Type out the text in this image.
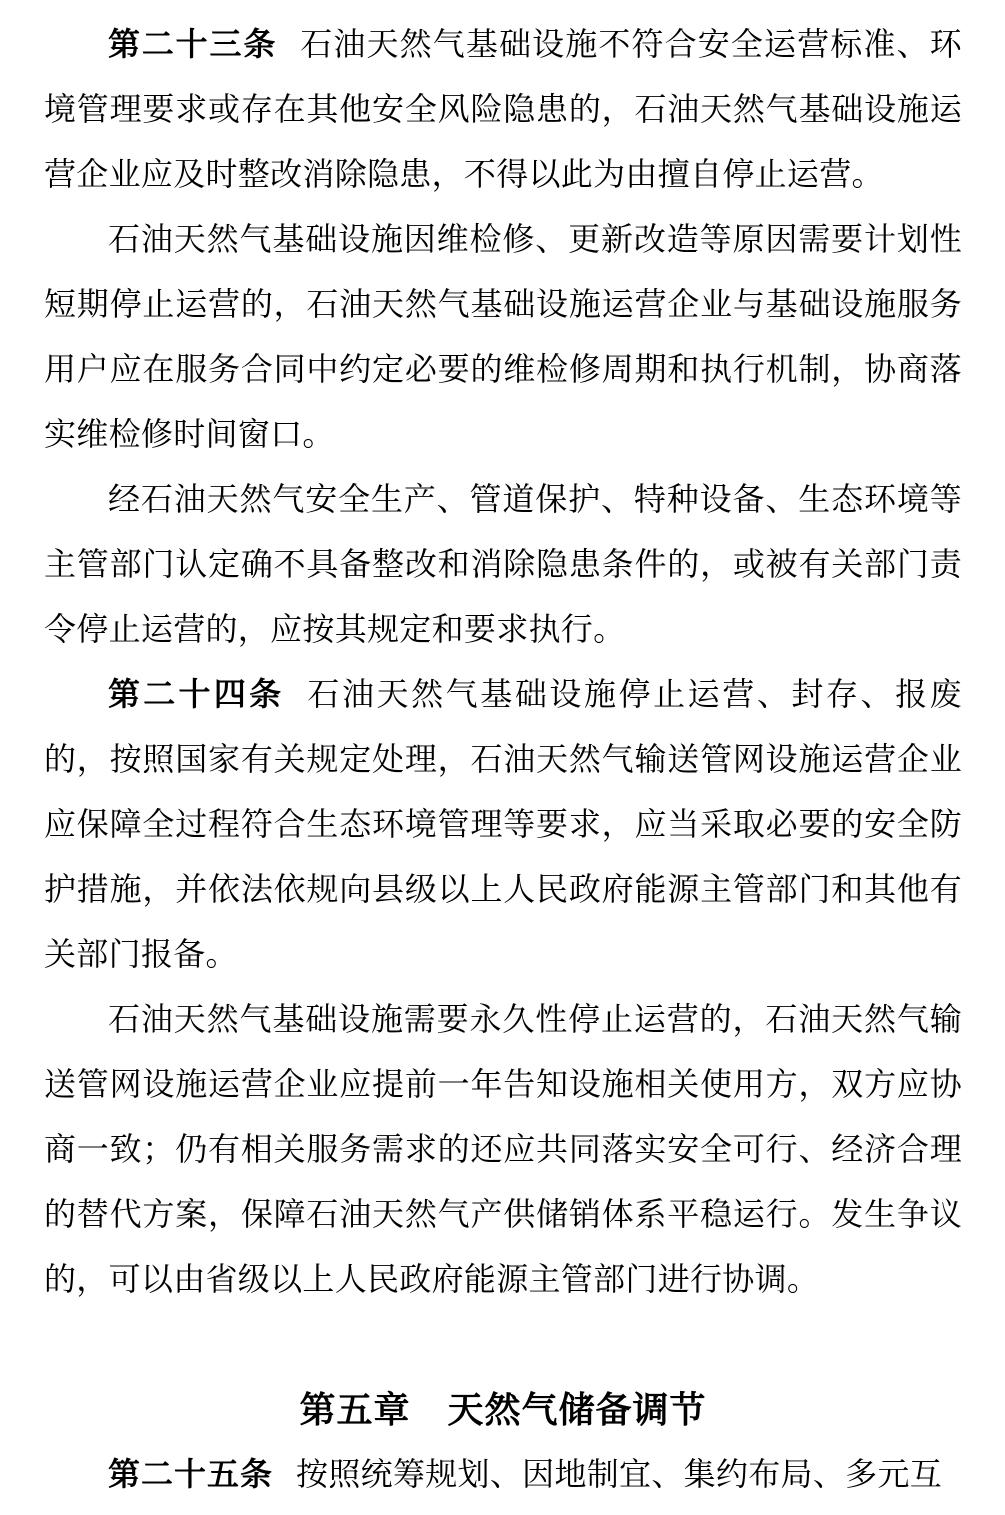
第二十三条 石油天然气基础设施不符合安全运营标准、环境管理要求或存在其他安全风险隐患的，石油天然气基础设施运营企业应及时整改消除隐患，不得以此为由擅自停止运营。

石油天然气基础设施因维检修、更新改造等原因需要计划性短期停止运营的，石油天然气基础设施运营企业与基础设施服务用户应在服务合同中约定必要的维检修周期和执行机制，协商落实维检修时间窗口。

经石油天然气安全生产、管道保护、特种设备、生态环境等主管部门认定确不具备整改和消除隐患条件的，或被有关部门责令停止运营的，应按其规定和要求执行。

第二十四条 石油天然气基础设施停止运营、封存、报废的，按照国家有关规定处理，石油天然气输送管网设施运营企业应保障全过程符合生态环境管理等要求，应当采取必要的安全防护措施，并依法依规向县级以上人民政府能源主管部门和其他有关部门报备。

石油天然气基础设施需要永久性停止运营的，石油天然气输送管网设施运营企业应提前一年告知设施相关使用方，双方应协商一致；仍有相关服务需求的还应共同落实安全可行、经济合理的替代方案，保障石油天然气产供储销体系平稳运行。发生争议的，可以由省级以上人民政府能源主管部门进行协调。

第五章　天然气储备调节

第二十五条 按照统筹规划、因地制宜、集约布局、多元互
